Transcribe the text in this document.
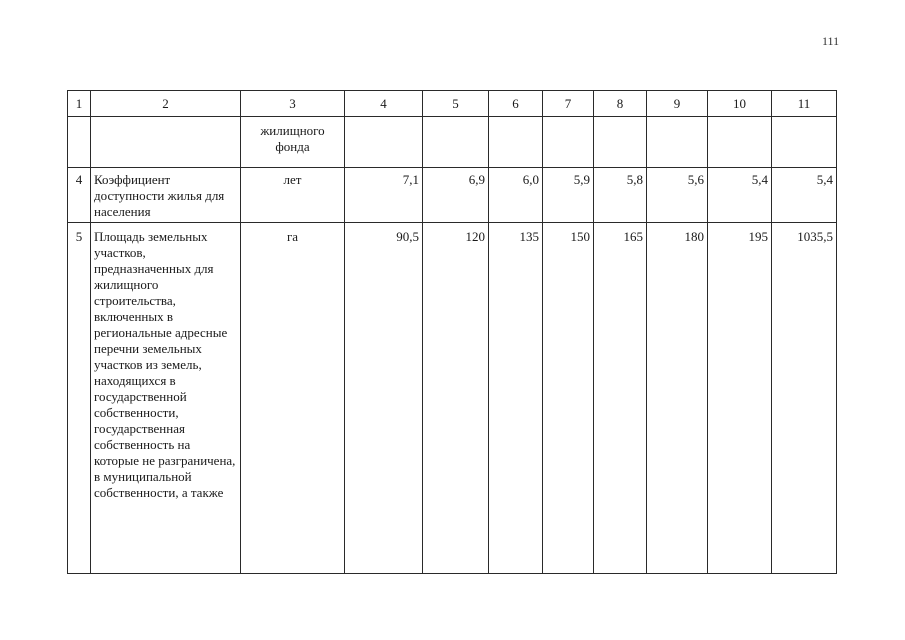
111
1	2	3	4	5	6	7	8	9	10	11
		жилищного фонда								
4	Коэффициент доступности жилья для населения	лет	7,1	6,9	6,0	5,9	5,8	5,6	5,4	5,4
5	Площадь земельных участков, предназначенных для жилищного строительства, включенных в региональные адресные перечни земельных участков из земель, находящихся в государственной собственности, государственная собственность на которые не разграничена, в муниципальной собственности, а также	га	90,5	120	135	150	165	180	195	1035,5
